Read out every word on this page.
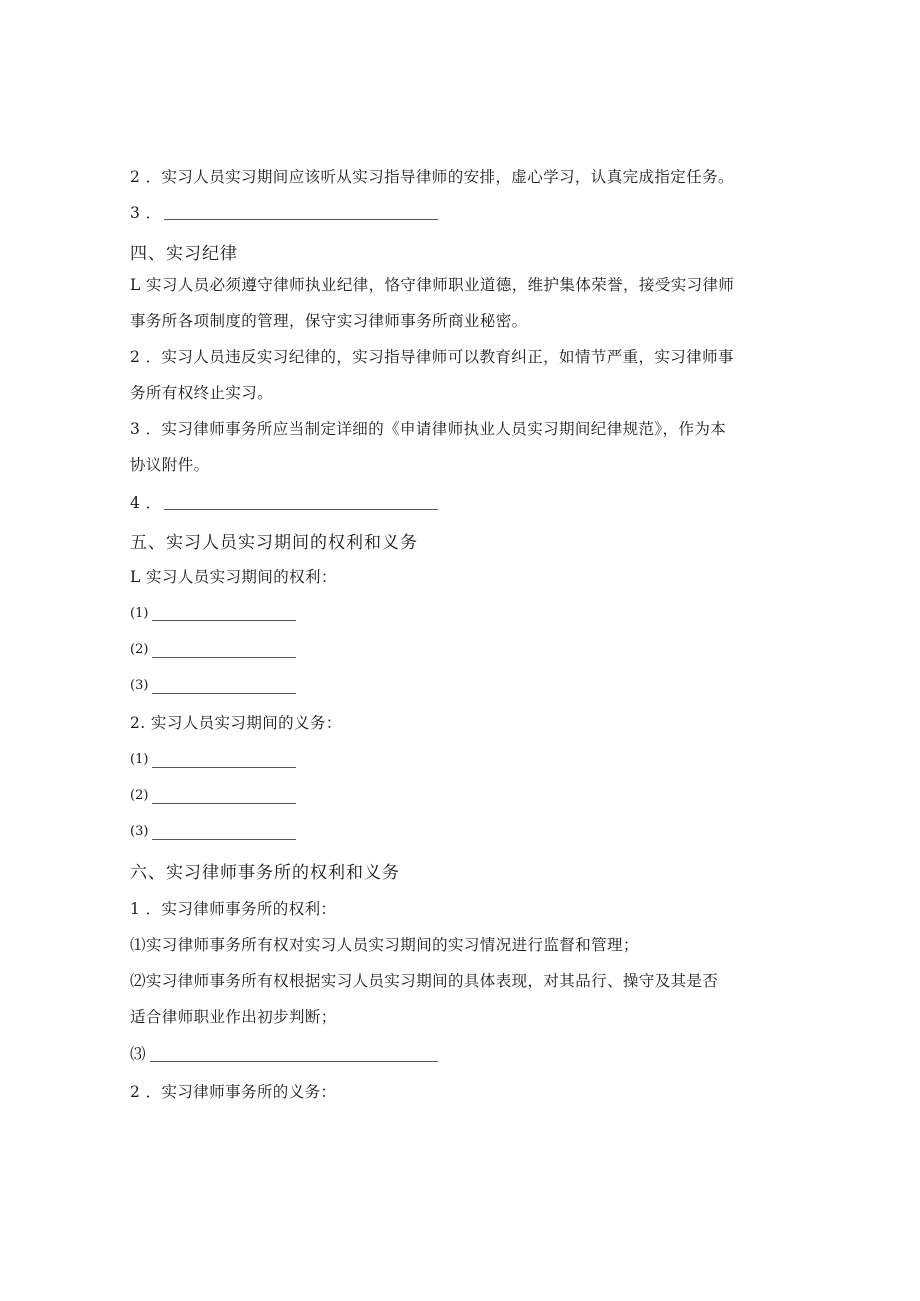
2 ．实习人员实习期间应该听从实习指导律师的安排，虚心学习，认真完成指定任务。
3 ．
四、实习纪律
L 实习人员必须遵守律师执业纪律，恪守律师职业道德，维护集体荣誉，接受实习律师
事务所各项制度的管理，保守实习律师事务所商业秘密。
2 ．实习人员违反实习纪律的，实习指导律师可以教育纠正，如情节严重，实习律师事
务所有权终止实习。
3 ．实习律师事务所应当制定详细的《申请律师执业人员实习期间纪律规范》，作为本
协议附件。
4 ．
五、实习人员实习期间的权利和义务
L 实习人员实习期间的权利：
(1)
(2)
(3)
2. 实习人员实习期间的义务：
(1)
(2)
(3)
六、实习律师事务所的权利和义务
1 ．实习律师事务所的权利：
⑴实习律师事务所有权对实习人员实习期间的实习情况进行监督和管理；
⑵实习律师事务所有权根据实习人员实习期间的具体表现，对其品行、操守及其是否
适合律师职业作出初步判断；
⑶
2 ．实习律师事务所的义务：
